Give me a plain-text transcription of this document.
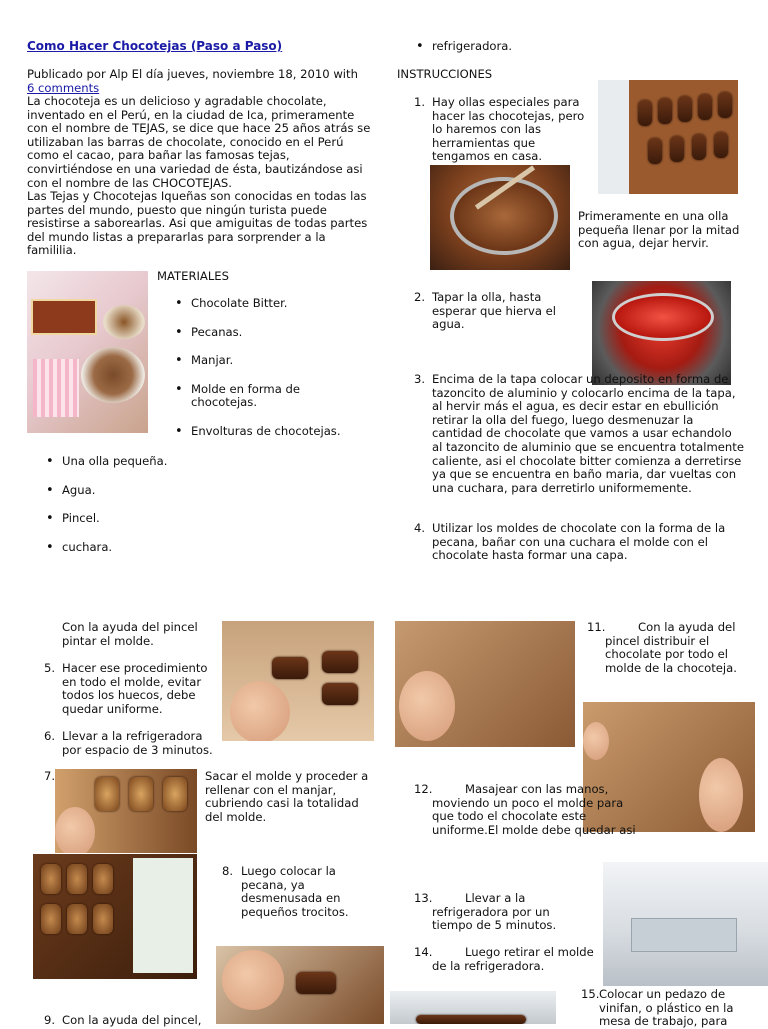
Como Hacer Chocotejas (Paso a Paso)
Publicado por Alp El día jueves, noviembre 18, 2010 with
6 comments
La chocoteja es un delicioso y agradable chocolate, inventado en el Perú, en la ciudad de Ica, primeramente con el nombre de TEJAS, se dice que hace 25 años atrás se utilizaban las barras de chocolate, conocido en el Perú como el cacao, para bañar las famosas tejas, convirtiéndose en una variedad de ésta, bautizándose asi con el nombre de las CHOCOTEJAS.
Las Tejas y Chocotejas Iqueñas son conocidas en todas las partes del mundo, puesto que ningún turista puede resistirse a saborearlas. Asi que amiguitas de todas partes del mundo listas a prepararlas para sorprender a la famililia.
MATERIALES
• Chocolate Bitter.
• Pecanas.
• Manjar.
• Molde en forma de chocotejas.
• Envolturas de chocotejas.
• Una olla pequeña.
• Agua.
• Pincel.
• cuchara.
• refrigeradora.
INSTRUCCIONES
1. Hay ollas especiales para hacer las chocotejas, pero lo haremos con las herramientas que tengamos en casa.
Primeramente en una olla pequeña llenar por la mitad con agua, dejar hervir.
2. Tapar la olla, hasta esperar que hierva el agua.
3. Encima de la tapa colocar un deposito en forma de tazoncito de aluminio y colocarlo encima de la tapa, al hervir más el agua, es decir estar en ebullición retirar la olla del fuego, luego desmenuzar la cantidad de chocolate que vamos a usar echandolo al tazoncito de aluminio que se encuentra totalmente caliente, asi el chocolate bitter comienza a derretirse ya que se encuentra en baño maria, dar vueltas con una cuchara, para derretirlo uniformemente.
4. Utilizar los moldes de chocolate con la forma de la pecana, bañar con una cuchara el molde con el chocolate hasta formar una capa.
Con la ayuda del pincel pintar el molde.
5. Hacer ese procedimiento en todo el molde, evitar todos los huecos, debe quedar uniforme.
6. Llevar a la refrigeradora por espacio de 3 minutos.
7.	Sacar el molde y proceder a rellenar con el manjar, cubriendo casi la totalidad del molde.
8. Luego colocar la pecana, ya desmenusada en pequeños trocitos.
9. Con la ayuda del pincel,
11.	Con la ayuda del pincel distribuir el chocolate por todo el molde de la chocoteja.
12.	Masajear con las manos, moviendo un poco el molde para que todo el chocolate este uniforme.El molde debe quedar asi
13.	Llevar a la refrigeradora por un tiempo de 5 minutos.
14.	Luego retirar el molde de la refrigeradora.
15. Colocar un pedazo de vinifan, o plástico en la mesa de trabajo, para
